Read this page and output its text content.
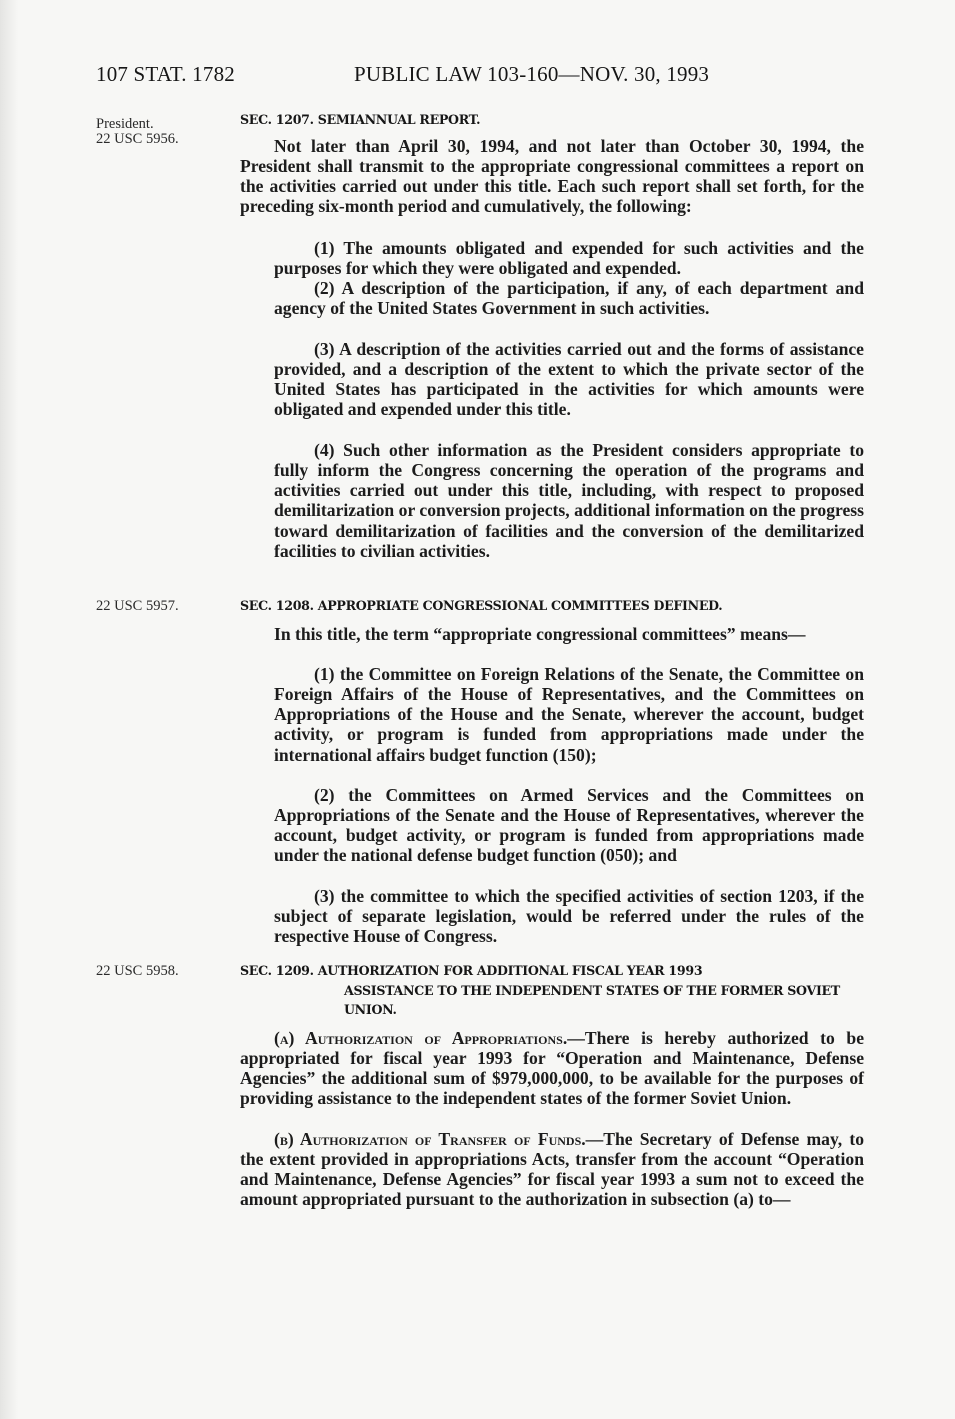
107 STAT. 1782	PUBLIC LAW 103-160—NOV. 30, 1993
President.
22 USC 5956.
22 USC 5957.
22 USC 5958.
SEC. 1207. SEMIANNUAL REPORT.

Not later than April 30, 1994, and not later than October 30, 1994, the President shall transmit to the appropriate congressional committees a report on the activities carried out under this title. Each such report shall set forth, for the preceding six-month period and cumulatively, the following:

(1) The amounts obligated and expended for such activities and the purposes for which they were obligated and expended.

(2) A description of the participation, if any, of each department and agency of the United States Government in such activities.

(3) A description of the activities carried out and the forms of assistance provided, and a description of the extent to which the private sector of the United States has participated in the activities for which amounts were obligated and expended under this title.

(4) Such other information as the President considers appropriate to fully inform the Congress concerning the operation of the programs and activities carried out under this title, including, with respect to proposed demilitarization or conversion projects, additional information on the progress toward demilitarization of facilities and the conversion of the demilitarized facilities to civilian activities.

SEC. 1208. APPROPRIATE CONGRESSIONAL COMMITTEES DEFINED.

In this title, the term “appropriate congressional committees” means—

(1) the Committee on Foreign Relations of the Senate, the Committee on Foreign Affairs of the House of Representatives, and the Committees on Appropriations of the House and the Senate, wherever the account, budget activity, or program is funded from appropriations made under the international affairs budget function (150);

(2) the Committees on Armed Services and the Committees on Appropriations of the Senate and the House of Representatives, wherever the account, budget activity, or program is funded from appropriations made under the national defense budget function (050); and

(3) the committee to which the specified activities of section 1203, if the subject of separate legislation, would be referred under the rules of the respective House of Congress.

SEC. 1209. AUTHORIZATION FOR ADDITIONAL FISCAL YEAR 1993
ASSISTANCE TO THE INDEPENDENT STATES OF THE FORMER SOVIET UNION.

(a) Authorization of Appropriations.—There is hereby authorized to be appropriated for fiscal year 1993 for “Operation and Maintenance, Defense Agencies” the additional sum of $979,000,000, to be available for the purposes of providing assistance to the independent states of the former Soviet Union.

(b) Authorization of Transfer of Funds.—The Secretary of Defense may, to the extent provided in appropriations Acts, transfer from the account “Operation and Maintenance, Defense Agencies” for fiscal year 1993 a sum not to exceed the amount appropriated pursuant to the authorization in subsection (a) to—
